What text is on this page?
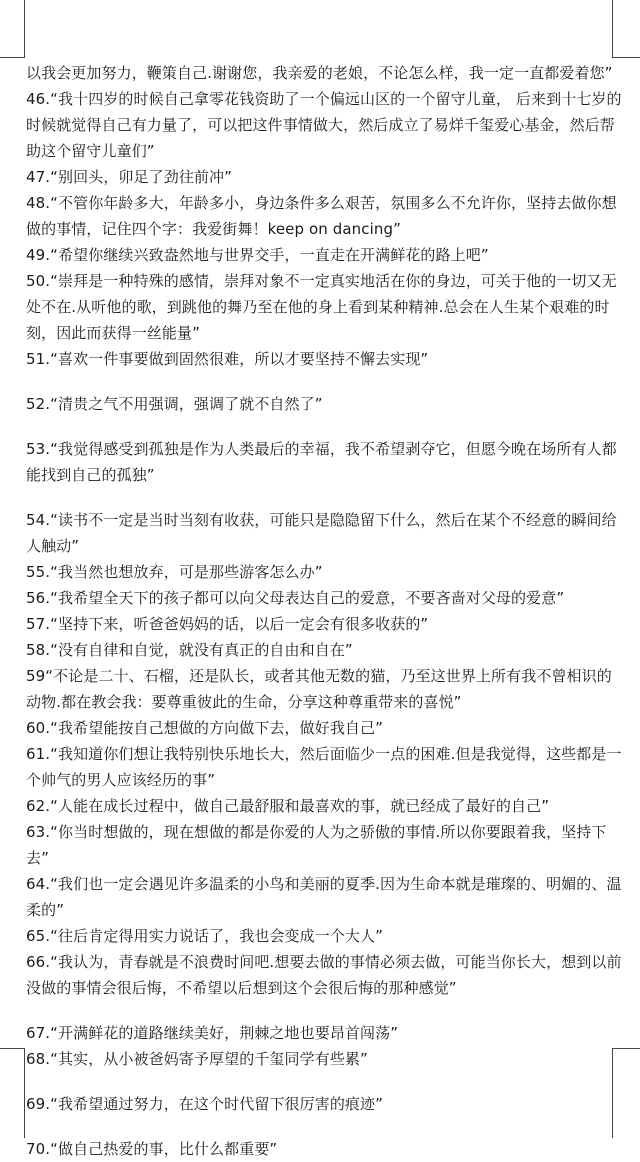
以我会更加努力，鞭策自己.谢谢您，我亲爱的老娘，不论怎么样，我一定一直都爱着您”
46.“我十四岁的时候自己拿零花钱资助了一个偏远山区的一个留守儿童， 后来到十七岁的时候就觉得自己有力量了，可以把这件事情做大，然后成立了易烊千玺爱心基金，然后帮助这个留守儿童们”
47.“别回头，卯足了劲往前冲”
48.“不管你年龄多大，年龄多小，身边条件多么艰苦，氛围多么不允许你，坚持去做你想做的事情，记住四个字：我爱街舞！keep on dancing”
49.“希望你继续兴致盎然地与世界交手，一直走在开满鲜花的路上吧”
50.“崇拜是一种特殊的感情，崇拜对象不一定真实地活在你的身边，可关于他的一切又无处不在.从听他的歌，到跳他的舞乃至在他的身上看到某种精神.总会在人生某个艰难的时刻，因此而获得一丝能量”
51.“喜欢一件事要做到固然很难，所以才要坚持不懈去实现”
52.“清贵之气不用强调，强调了就不自然了”
53.“我觉得感受到孤独是作为人类最后的幸福，我不希望剥夺它，但愿今晚在场所有人都能找到自己的孤独”
54.“读书不一定是当时当刻有收获，可能只是隐隐留下什么，然后在某个不经意的瞬间给人触动”
55.“我当然也想放弃，可是那些游客怎么办”
56.“我希望全天下的孩子都可以向父母表达自己的爱意，不要吝啬对父母的爱意”
57.“坚持下来，听爸爸妈妈的话，以后一定会有很多收获的”
58.“没有自律和自觉，就没有真正的自由和自在”
59“不论是二十、石榴，还是队长，或者其他无数的猫，乃至这世界上所有我不曾相识的动物.都在教会我：要尊重彼此的生命，分享这种尊重带来的喜悦”
60.“我希望能按自己想做的方向做下去，做好我自己”
61.“我知道你们想让我特别快乐地长大，然后面临少一点的困难.但是我觉得，这些都是一个帅气的男人应该经历的事”
62.“人能在成长过程中，做自己最舒服和最喜欢的事，就已经成了最好的自己”
63.“你当时想做的，现在想做的都是你爱的人为之骄傲的事情.所以你要跟着我，坚持下去”
64.“我们也一定会遇见许多温柔的小鸟和美丽的夏季.因为生命本就是璀璨的、明媚的、温柔的”
65.“往后肯定得用实力说话了，我也会变成一个大人”
66.“我认为，青春就是不浪费时间吧.想要去做的事情必须去做，可能当你长大，想到以前没做的事情会很后悔，不希望以后想到这个会很后悔的那种感觉”
67.“开满鲜花的道路继续美好，荆棘之地也要昂首闯荡”
68.“其实，从小被爸妈寄予厚望的千玺同学有些累”
69.“我希望通过努力，在这个时代留下很厉害的痕迹”
70.“做自己热爱的事，比什么都重要”
